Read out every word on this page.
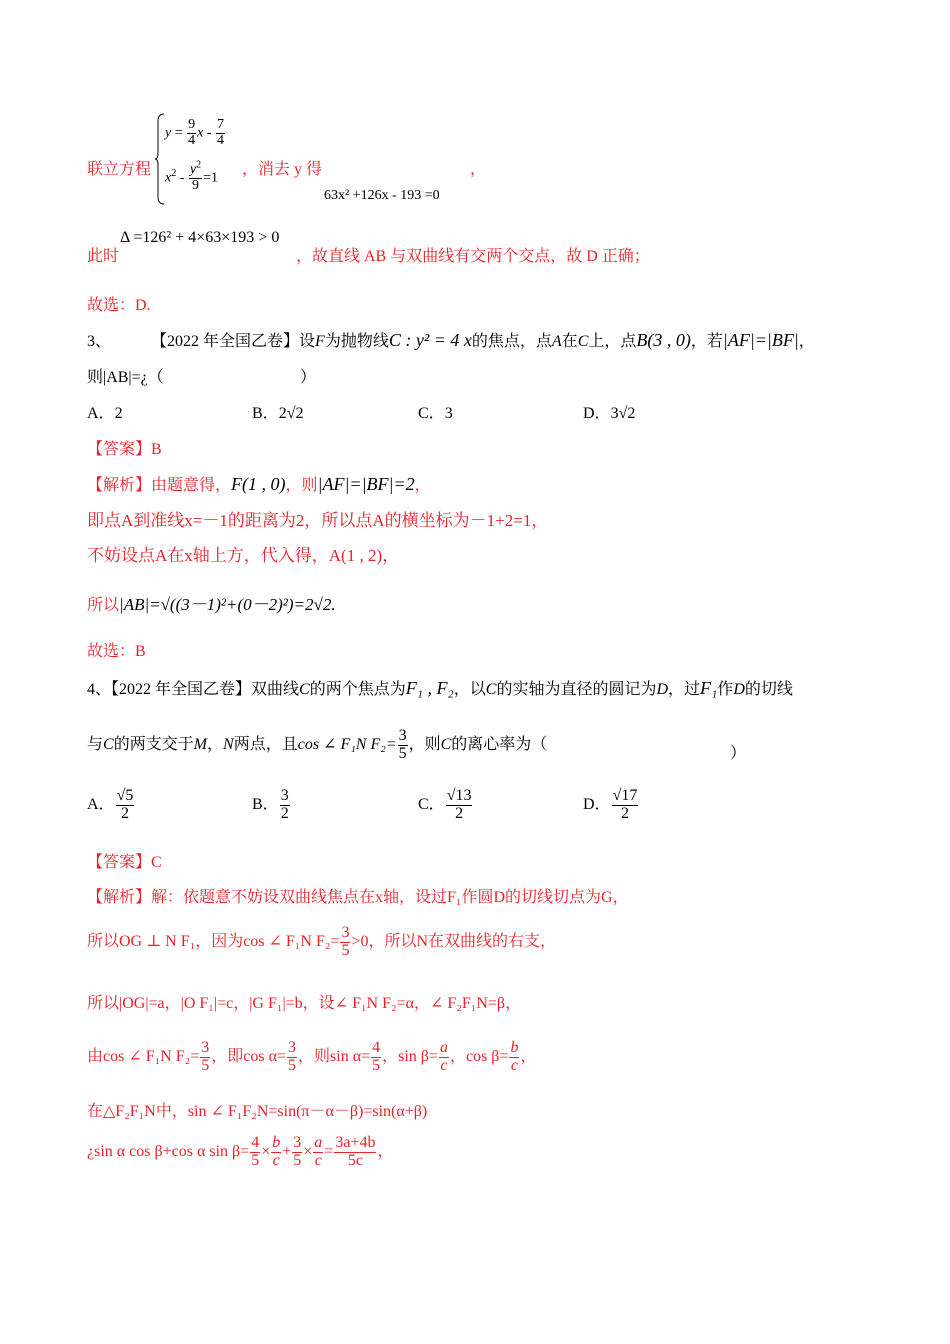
联立方程
$y = \frac{9}{4}$ x - $\frac{7}{4}$
$x^2 - \frac{y^2}{9} =1$ ，消去 y 得	，
63x² +126x - 193 =0
此时
Δ =126² + 4×63×193 > 0
，故直线 AB 与双曲线有交两个交点，故 D 正确；
故选：D.
3、	【2022 年全国乙卷】设F为抛物线C : y² = 4 x的焦点，点A在C上，点B(3 , 0)，若|AF|=|BF|，
则|AB|=¿（	）
A．2	B．2√2	C．3	D．3√2
【答案】B
【解析】由题意得，F(1 , 0)，则|AF|=|BF|=2，
即点A到准线x=－1的距离为2，所以点A的横坐标为－1+2=1，
不妨设点A在x轴上方，代入得，A(1 , 2)，
所以|AB|=√((3－1)²+(0－2)²)=2√2.
故选：B
4、【2022 年全国乙卷】双曲线C的两个焦点为F₁ , F₂，以C的实轴为直径的圆记为D，过F₁作D的切线
与C的两支交于M，N两点，且cos ∠ F₁N $F_2= \frac{3}{5}$ ，则C的离心率为（
）
A． $\frac{√5}{2}$	B． $\frac{3}{2}$	C． $\frac{√13}{2}$	D． $\frac{√17}{2}$
【答案】C
【解析】解：依题意不妨设双曲线焦点在x轴，设过F₁作圆D的切线切点为G，
所以OG ⊥ N F₁，因为cos ∠ F₁N $F_2= \frac{3}{5} >0$，所以N在双曲线的右支，
所以|OG|=a，|O F₁|=c，|G F₁|=b，设∠ F₁N F₂=α，∠ F₂F₁N=β，
由cos ∠ F₁N $F_2= \frac{3}{5}$ ，即$\cos \alpha= \frac{3}{5}$ ，则$\sin \alpha= \frac{4}{5}$ ，$\sin \beta= \frac{a}{c}$ ，$\cos \beta= \frac{b}{c}$ ，
在△F₂F₁N中，sin ∠ F₁F₂N=sin(π－α－β)=sin(α+β)
¿sin α cos β+cos α $\sin \beta= \frac{4}{5} \times \frac{b}{c} + \frac{3}{5} \times \frac{a}{c} = \frac{3a+4b}{5c}$ ，
